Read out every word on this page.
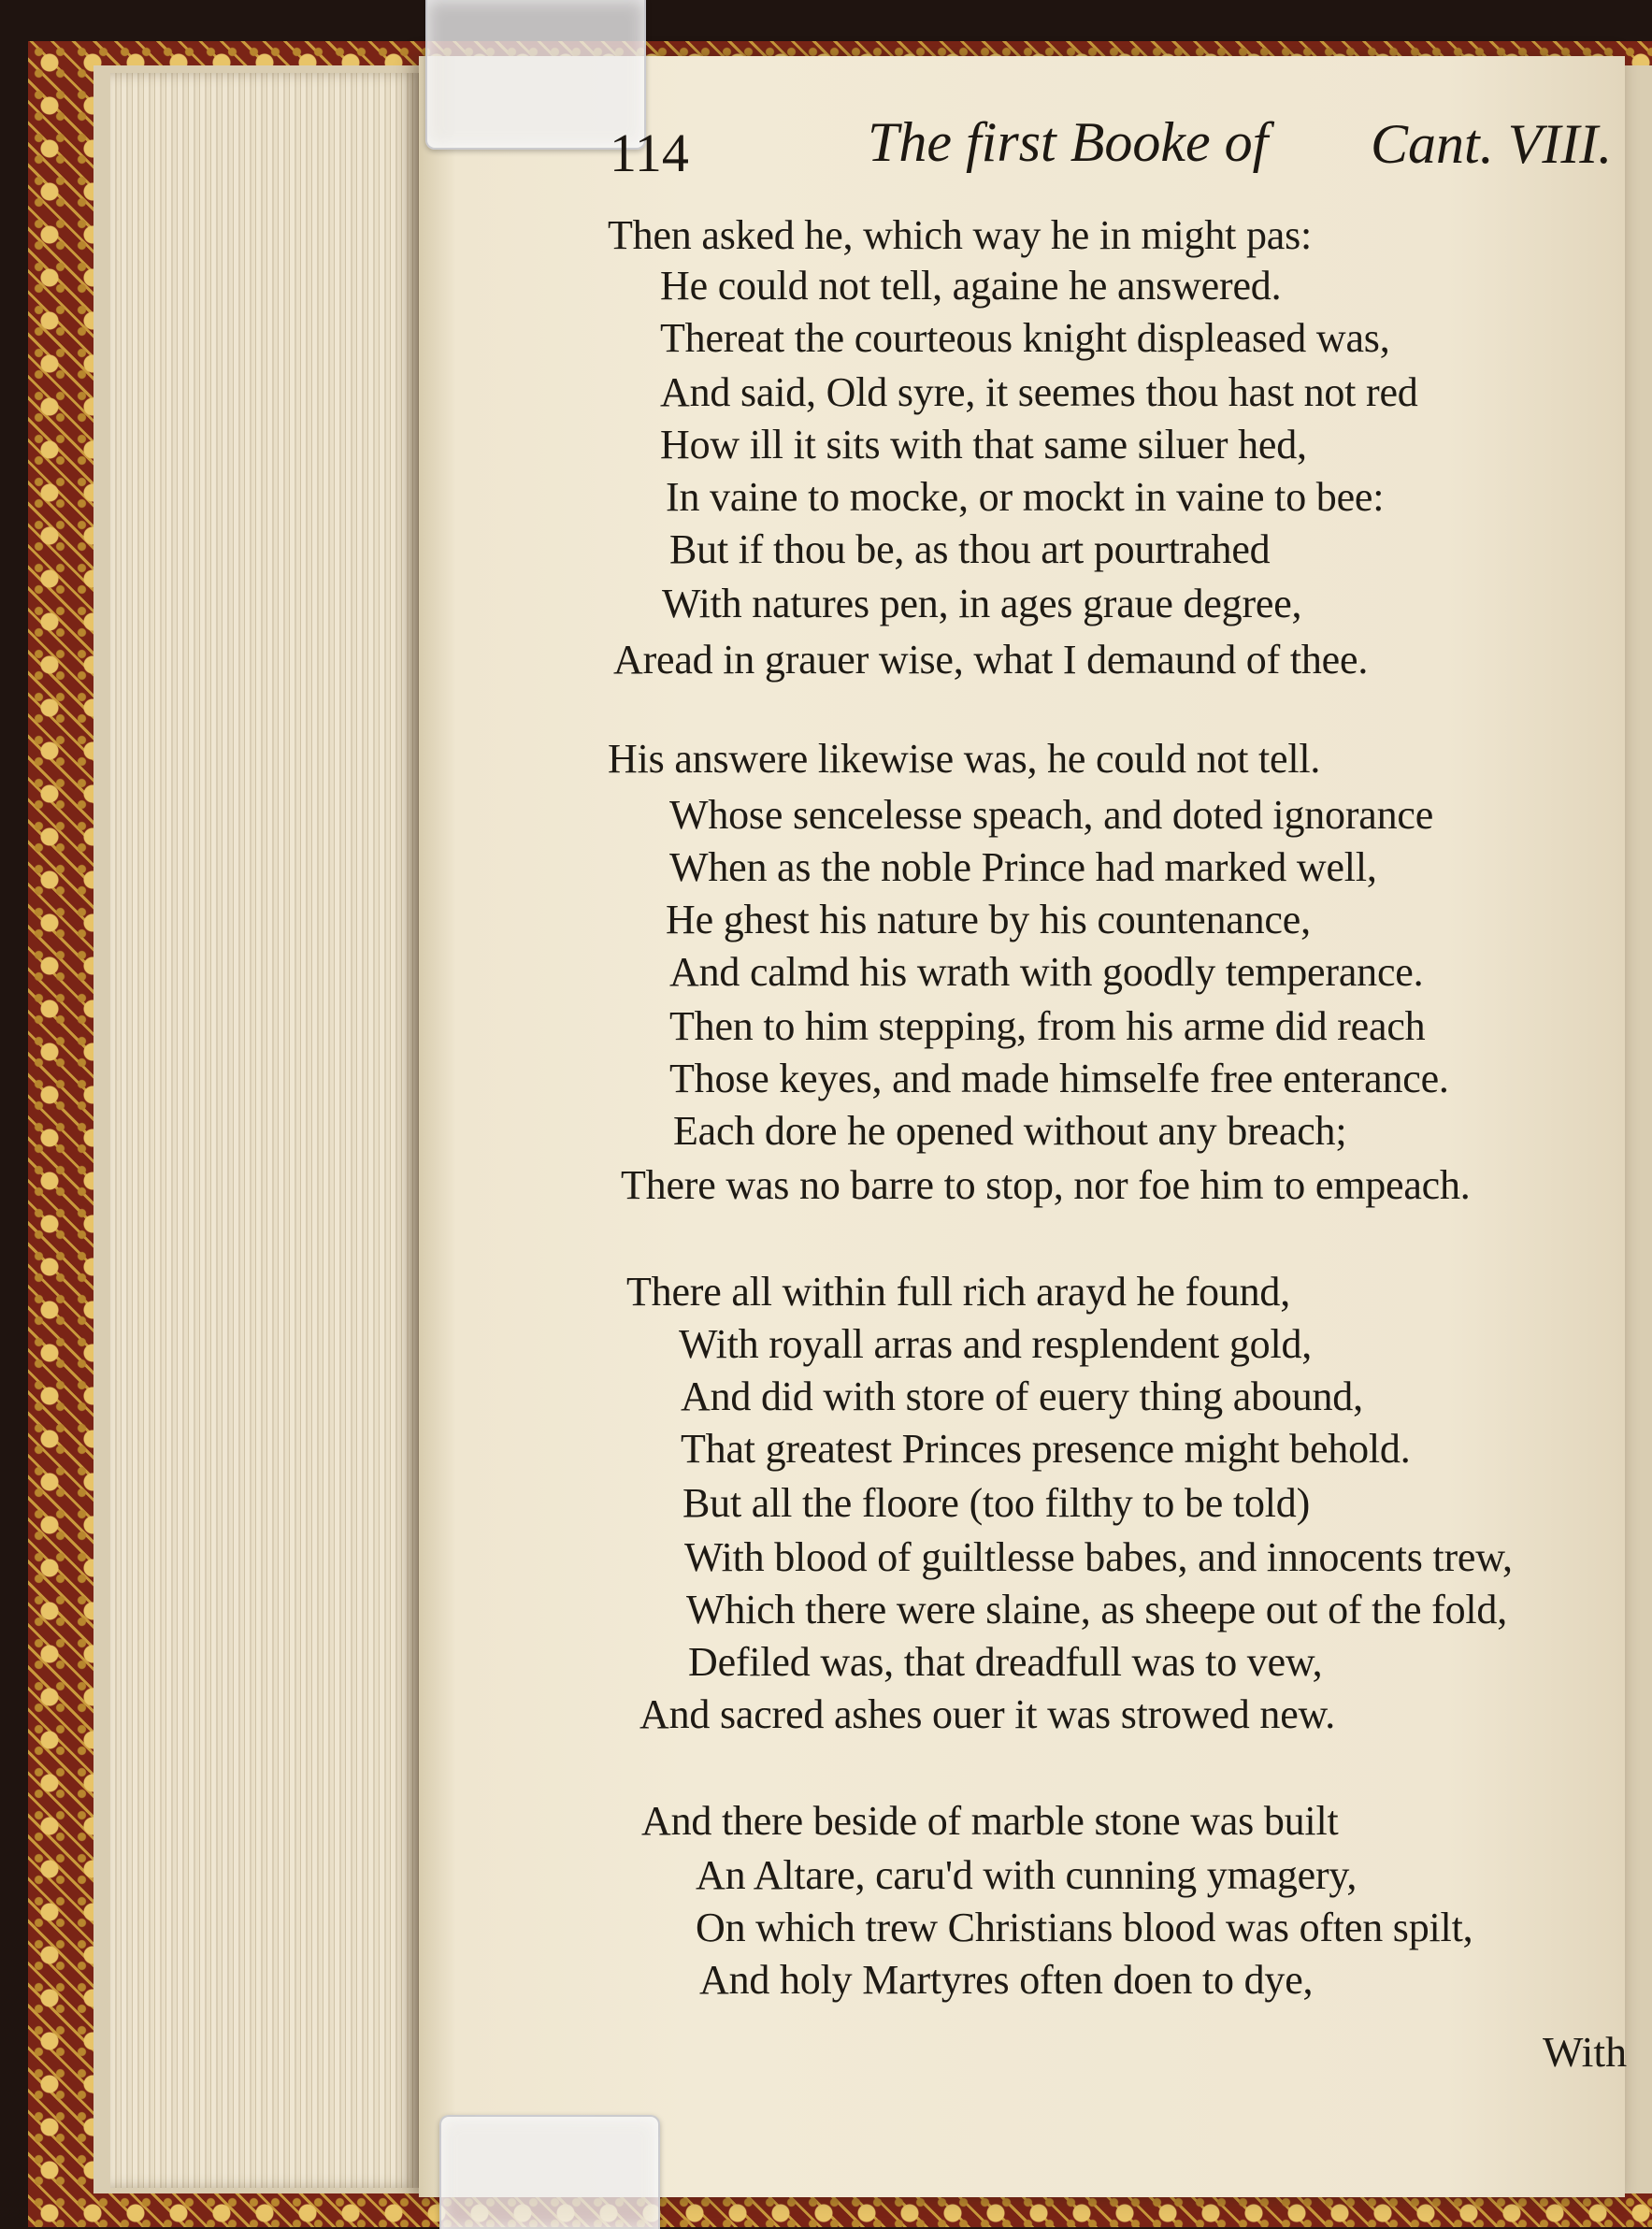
114	The first Booke of Cant. VIII.
Then asked he, which way he in might pas:
He could not tell, againe he answered.
Thereat the courteous knight displeased was,
And said, Old syre, it seemes thou hast not red
How ill it sits with that same siluer hed,
In vaine to mocke, or mockt in vaine to bee:
But if thou be, as thou art pourtrahed
With natures pen, in ages graue degree,
Aread in grauer wise, what I demaund of thee.
His answere likewise was, he could not tell.
Whose sencelesse speach, and doted ignorance
When as the noble Prince had marked well,
He ghest his nature by his countenance,
And calmd his wrath with goodly temperance.
Then to him stepping, from his arme did reach
Those keyes, and made himselfe free enterance.
Each dore he opened without any breach;
There was no barre to stop, nor foe him to empeach.
There all within full rich arayd he found,
With royall arras and resplendent gold,
And did with store of euery thing abound,
That greatest Princes presence might behold.
But all the floore (too filthy to be told)
With blood of guiltlesse babes, and innocents trew,
Which there were slaine, as sheepe out of the fold,
Defiled was, that dreadfull was to vew,
And sacred ashes ouer it was strowed new.
And there beside of marble stone was built
An Altare, caru'd with cunning ymagery,
On which trew Christians blood was often spilt,
And holy Martyres often doen to dye,
With
